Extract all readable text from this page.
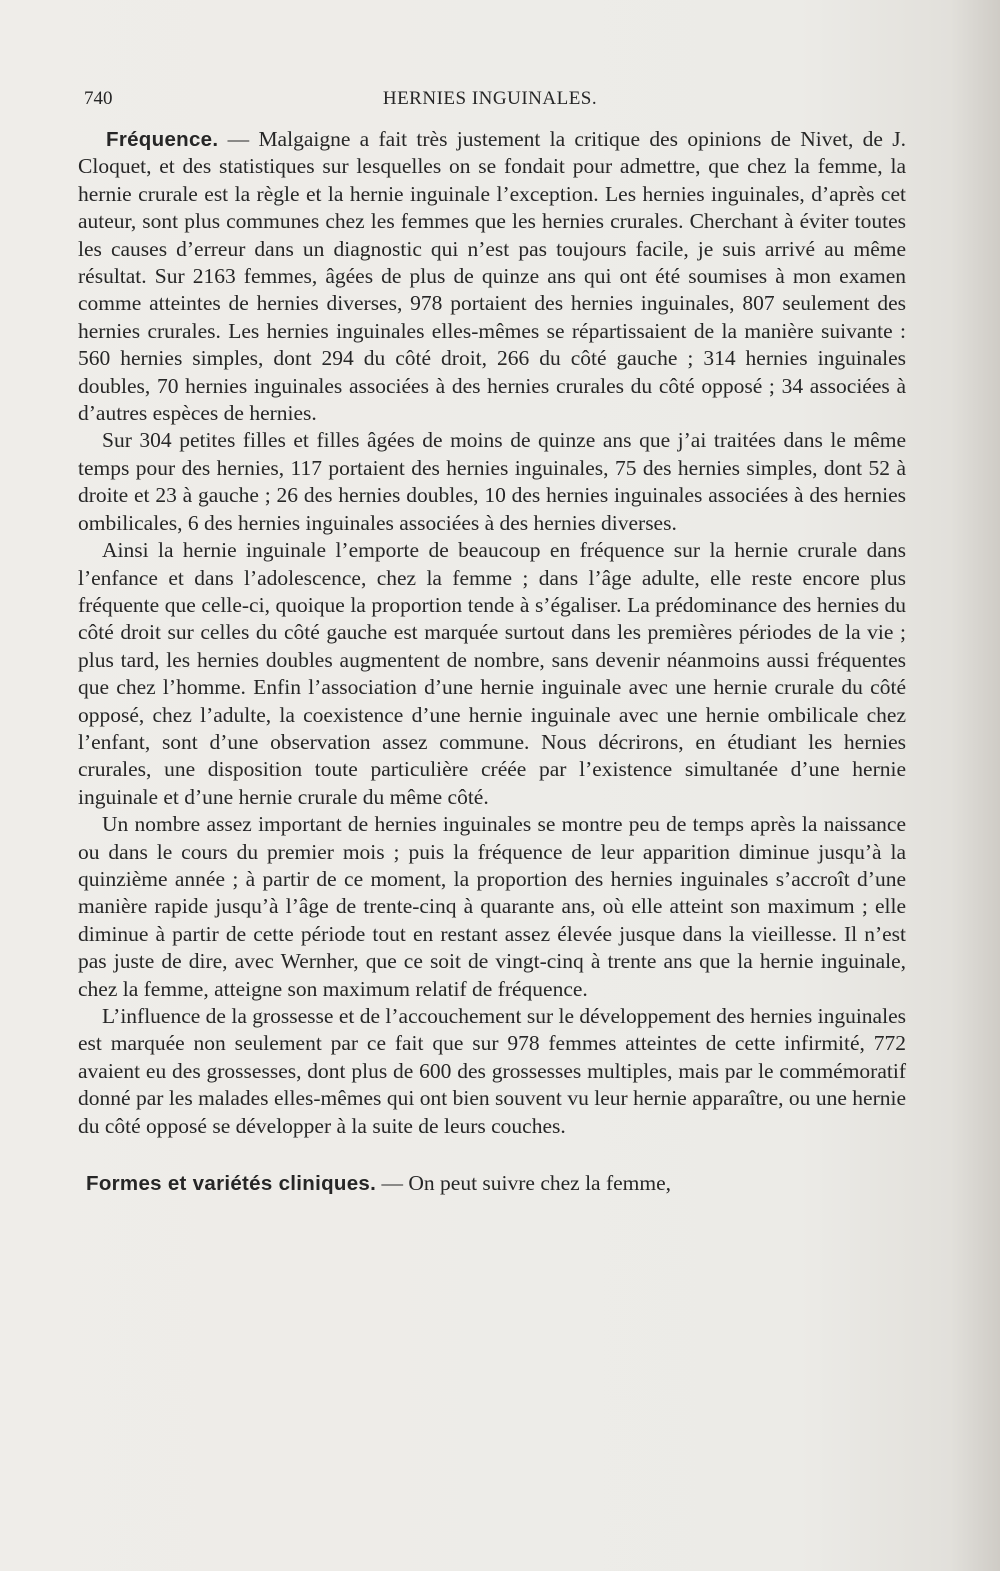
740	HERNIES INGUINALES.

Fréquence. — Malgaigne a fait très justement la critique des opinions de Nivet, de J. Cloquet, et des statistiques sur lesquelles on se fondait pour admettre, que chez la femme, la hernie crurale est la règle et la hernie inguinale l’exception. Les hernies inguinales, d’après cet auteur, sont plus communes chez les femmes que les hernies crurales. Cherchant à éviter toutes les causes d’erreur dans un diagnostic qui n’est pas toujours facile, je suis arrivé au même résultat. Sur 2163 femmes, âgées de plus de quinze ans qui ont été soumises à mon examen comme atteintes de hernies diverses, 978 portaient des hernies inguinales, 807 seulement des hernies crurales. Les hernies inguinales elles-mêmes se répartissaient de la manière suivante : 560 hernies simples, dont 294 du côté droit, 266 du côté gauche ; 314 hernies inguinales doubles, 70 hernies inguinales associées à des hernies crurales du côté opposé ; 34 associées à d’autres espèces de hernies.

Sur 304 petites filles et filles âgées de moins de quinze ans que j’ai traitées dans le même temps pour des hernies, 117 portaient des hernies inguinales, 75 des hernies simples, dont 52 à droite et 23 à gauche ; 26 des hernies doubles, 10 des hernies inguinales associées à des hernies ombilicales, 6 des hernies inguinales associées à des hernies diverses.

Ainsi la hernie inguinale l’emporte de beaucoup en fréquence sur la hernie crurale dans l’enfance et dans l’adolescence, chez la femme ; dans l’âge adulte, elle reste encore plus fréquente que celle-ci, quoique la proportion tende à s’égaliser. La prédominance des hernies du côté droit sur celles du côté gauche est marquée surtout dans les premières périodes de la vie ; plus tard, les hernies doubles augmentent de nombre, sans devenir néanmoins aussi fréquentes que chez l’homme. Enfin l’association d’une hernie inguinale avec une hernie crurale du côté opposé, chez l’adulte, la coexistence d’une hernie inguinale avec une hernie ombilicale chez l’enfant, sont d’une observation assez commune. Nous décrirons, en étudiant les hernies crurales, une disposition toute particulière créée par l’existence simultanée d’une hernie inguinale et d’une hernie crurale du même côté.

Un nombre assez important de hernies inguinales se montre peu de temps après la naissance ou dans le cours du premier mois ; puis la fréquence de leur apparition diminue jusqu’à la quinzième année ; à partir de ce moment, la proportion des hernies inguinales s’accroît d’une manière rapide jusqu’à l’âge de trente-cinq à quarante ans, où elle atteint son maximum ; elle diminue à partir de cette période tout en restant assez élevée jusque dans la vieillesse. Il n’est pas juste de dire, avec Wernher, que ce soit de vingt-cinq à trente ans que la hernie inguinale, chez la femme, atteigne son maximum relatif de fréquence.

L’influence de la grossesse et de l’accouchement sur le développement des hernies inguinales est marquée non seulement par ce fait que sur 978 femmes atteintes de cette infirmité, 772 avaient eu des grossesses, dont plus de 600 des grossesses multiples, mais par le commémoratif donné par les malades elles-mêmes qui ont bien souvent vu leur hernie apparaître, ou une hernie du côté opposé se développer à la suite de leurs couches.

Formes et variétés cliniques. — On peut suivre chez la femme,
